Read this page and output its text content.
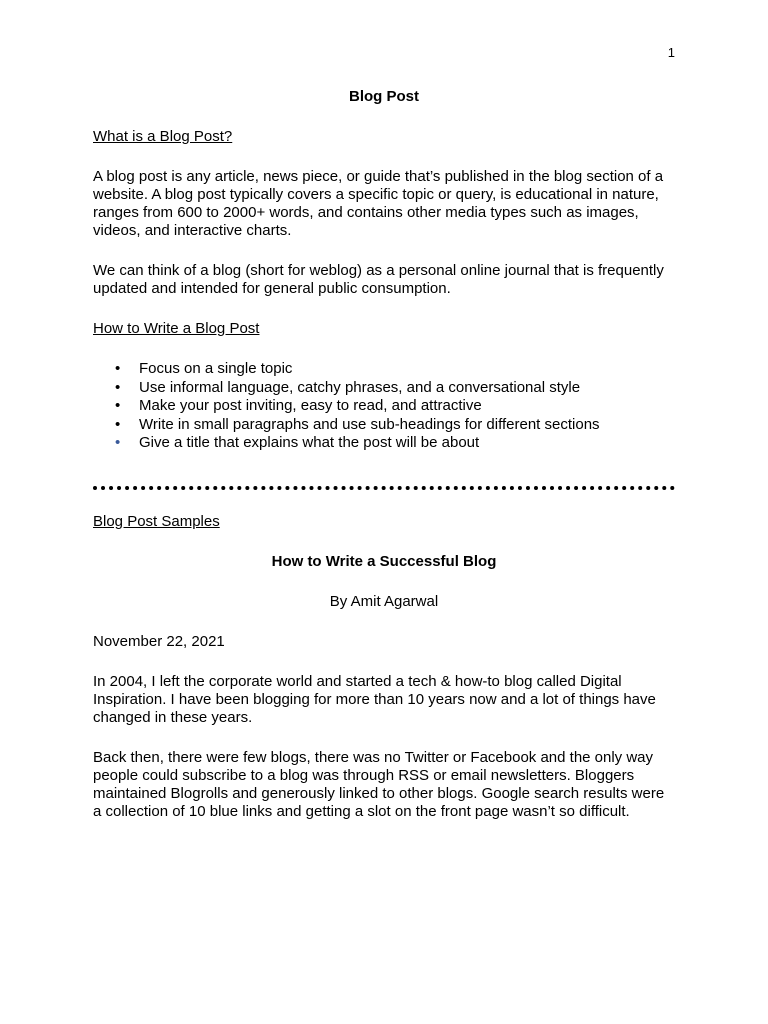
1

Blog Post

What is a Blog Post?

A blog post is any article, news piece, or guide that’s published in the blog section of a website. A blog post typically covers a specific topic or query, is educational in nature, ranges from 600 to 2000+ words, and contains other media types such as images, videos, and interactive charts.

We can think of a blog (short for weblog) as a personal online journal that is frequently updated and intended for general public consumption.

How to Write a Blog Post

• Focus on a single topic
• Use informal language, catchy phrases, and a conversational style
• Make your post inviting, easy to read, and attractive
• Write in small paragraphs and use sub-headings for different sections
• Give a title that explains what the post will be about

Blog Post Samples

How to Write a Successful Blog

By Amit Agarwal

November 22, 2021

In 2004, I left the corporate world and started a tech & how-to blog called Digital Inspiration. I have been blogging for more than 10 years now and a lot of things have changed in these years.

Back then, there were few blogs, there was no Twitter or Facebook and the only way people could subscribe to a blog was through RSS or email newsletters. Bloggers maintained Blogrolls and generously linked to other blogs. Google search results were a collection of 10 blue links and getting a slot on the front page wasn’t so difficult.
